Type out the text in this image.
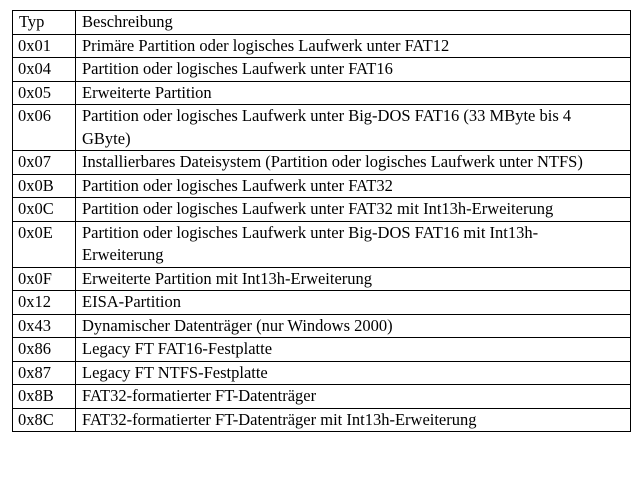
Typ	Beschreibung
0x01	Primäre Partition oder logisches Laufwerk unter FAT12
0x04	Partition oder logisches Laufwerk unter FAT16
0x05	Erweiterte Partition
0x06	Partition oder logisches Laufwerk unter Big-DOS FAT16 (33 MByte bis 4 GByte)
0x07	Installierbares Dateisystem (Partition oder logisches Laufwerk unter NTFS)
0x0B	Partition oder logisches Laufwerk unter FAT32
0x0C	Partition oder logisches Laufwerk unter FAT32 mit Int13h-Erweiterung
0x0E	Partition oder logisches Laufwerk unter Big-DOS FAT16 mit Int13h-Erweiterung
0x0F	Erweiterte Partition mit Int13h-Erweiterung
0x12	EISA-Partition
0x43	Dynamischer Datenträger (nur Windows 2000)
0x86	Legacy FT FAT16-Festplatte
0x87	Legacy FT NTFS-Festplatte
0x8B	FAT32-formatierter FT-Datenträger
0x8C	FAT32-formatierter FT-Datenträger mit Int13h-Erweiterung
